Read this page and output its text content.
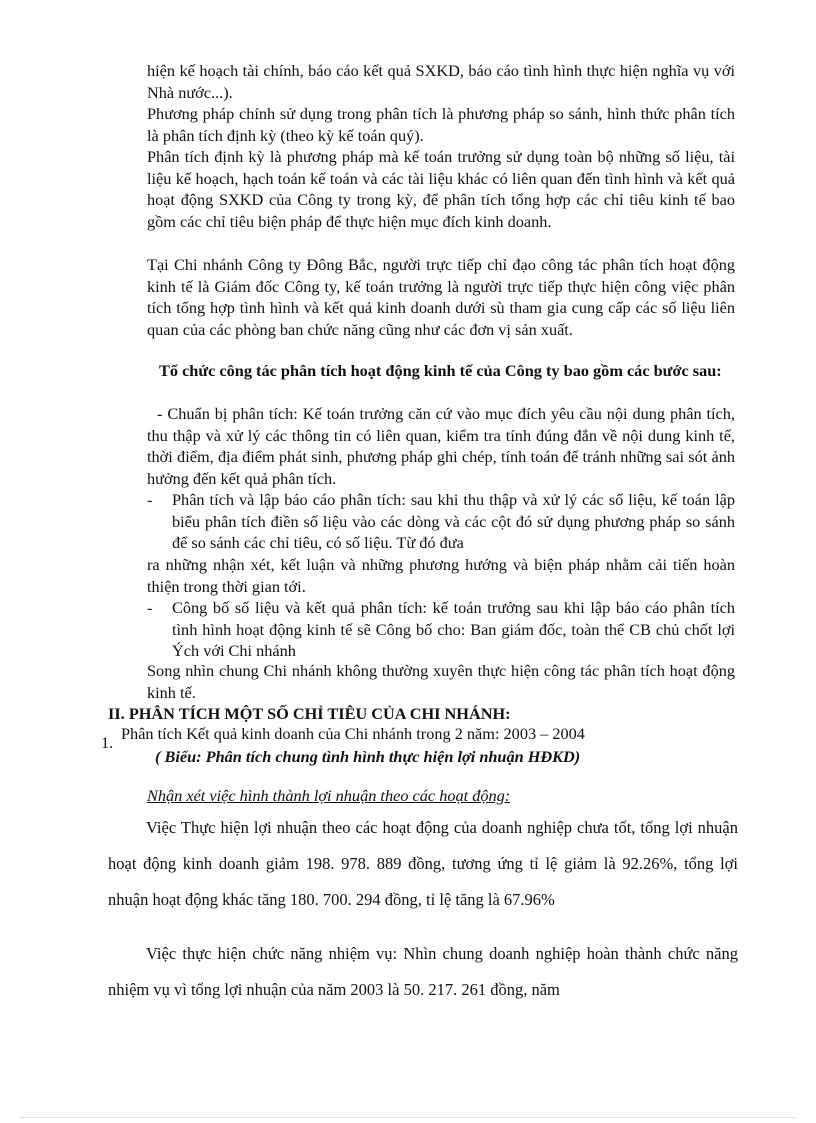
hiện kế hoạch tài chính, báo cáo kết quả SXKD, báo cáo tình hình thực hiện nghĩa vụ với Nhà nước...).

Phương pháp chính sử dụng trong phân tích là phương pháp so sánh, hình thức phân tích là phân tích định kỳ (theo kỳ kế toán quý).

Phân tích định kỳ là phương pháp mà kế toán trưởng sử dụng toàn bộ những số liệu, tài liệu kế hoạch, hạch toán kế toán và các tài liệu khác có liên quan đến tình hình và kết quả hoạt động SXKD của Công ty trong kỳ, để phân tích tổng hợp các chỉ tiêu kinh tế bao gồm các chỉ tiêu biện pháp để thực hiện mục đích kinh doanh.

Tại Chi nhánh Công ty Đông Bắc, người trực tiếp chỉ đạo công tác phân tích hoạt động kinh tế là Giám đốc Công ty, kế toán trưởng là người trực tiếp thực hiện công việc phân tích tổng hợp tình hình và kết quả kinh doanh dưới sù tham gia cung cấp các số liệu liên quan của các phòng ban chức năng cũng như các đơn vị sản xuất.

Tổ chức công tác phân tích hoạt động kinh tế của Công ty bao gồm các bước sau:

- Chuẩn bị phân tích: Kế toán trưởng căn cứ vào mục đích yêu cầu nội dung phân tích, thu thập và xử lý các thông tin có liên quan, kiểm tra tính đúng đắn về nội dung kinh tế, thời điểm, địa điểm phát sinh, phương pháp ghi chép, tính toán để tránh những sai sót ảnh hưởng đến kết quả phân tích.

- Phân tích và lập báo cáo phân tích: sau khi thu thập và xử lý các số liệu, kế toán lập biểu phân tích điền số liệu vào các dòng và các cột đó sử dụng phương pháp so sánh để so sánh các chỉ tiêu, có số liệu. Từ đó đưa

ra những nhận xét, kết luận và những phương hướng và biện pháp nhằm cải tiến hoàn thiện trong thời gian tới.

- Công bố số liệu và kết quả phân tích: kế toán trưởng sau khi lập báo cáo phân tích tình hình hoạt động kinh tế sẽ Công bố cho: Ban giám đốc, toàn thể CB chủ chốt lợi Ých với Chi nhánh

Song nhìn chung Chi nhánh không thường xuyên thực hiện công tác phân tích hoạt động kinh tế.

II. PHÂN TÍCH MỘT SỐ CHỈ TIÊU CỦA CHI NHÁNH:

1. Phân tích Kết quả kinh doanh của Chi nhánh trong 2 năm: 2003 – 2004

( Biểu: Phân tích chung tình hình thực hiện lợi nhuận HĐKD)

Nhận xét việc hình thành lợi nhuận theo các hoạt động:

Việc Thực hiện lợi nhuận theo các hoạt động của doanh nghiệp chưa tốt, tổng lợi nhuận hoạt động kinh doanh giảm 198. 978. 889 đồng, tương ứng tỉ lệ giảm là 92.26%, tổng lợi nhuận hoạt động khác tăng 180. 700. 294 đồng, tỉ lệ tăng là 67.96%

Việc thực hiện chức năng nhiệm vụ: Nhìn chung doanh nghiệp hoàn thành chức năng nhiệm vụ vì tổng lợi nhuận của năm 2003 là 50. 217. 261 đồng, năm
